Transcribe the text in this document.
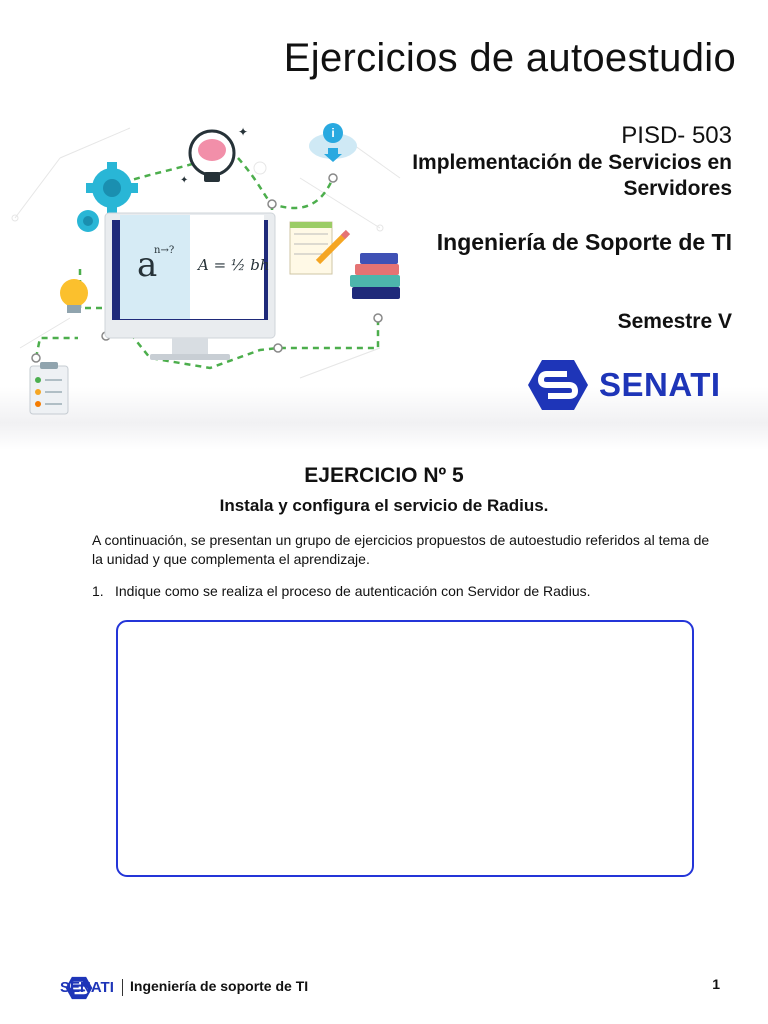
Ejercicios de autoestudio
✦
✦
i
a
n→?
A = ½ bh
PISD- 503
Implementación de Servicios en Servidores
Ingeniería de Soporte de TI
Semestre V
SENATI
EJERCICIO Nº 5
Instala y configura el servicio de Radius.

A continuación, se presentan un grupo de ejercicios propuestos de autoestudio referidos al tema de la unidad y que complementa el aprendizaje.

1. Indique como se realiza el proceso de autenticación con Servidor de Radius.

SENATI Ingeniería de soporte de TI	1
